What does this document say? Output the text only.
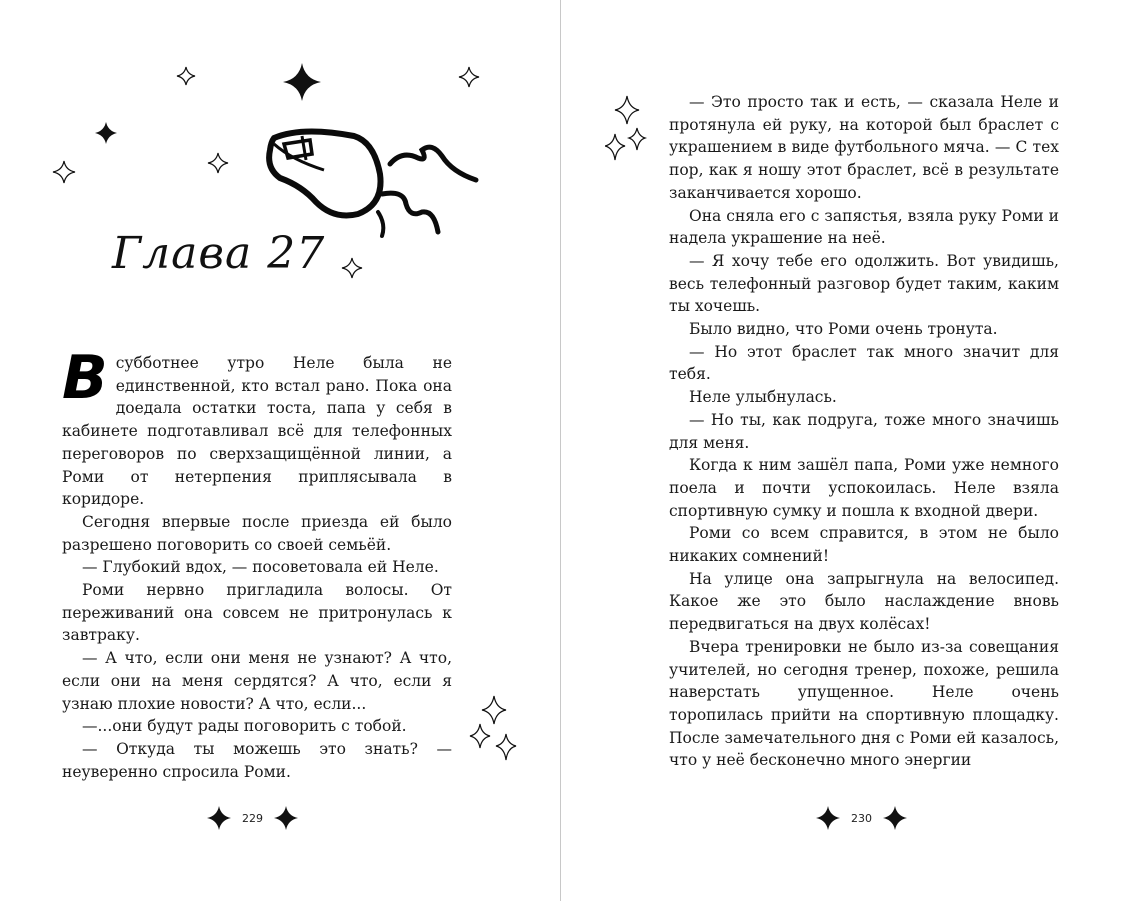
Глава 27

Всубботнее утро Неле была не единственной, кто встал рано. Пока она доедала остатки тоста, папа у себя в кабинете подготавливал всё для телефонных переговоров по сверхзащищённой линии, а Роми от нетерпения приплясывала в коридоре.

Сегодня впервые после приезда ей было разрешено поговорить со своей семьёй.

— Глубокий вдох, — посоветовала ей Неле.

Роми нервно пригладила волосы. От переживаний она совсем не притронулась к завтраку.

— А что, если они меня не узнают? А что, если они на меня сердятся? А что, если я узнаю плохие новости? А что, если...

—...они будут рады поговорить с тобой.

— Откуда ты можешь это знать? — неуверенно спросила Роми.

229

— Это просто так и есть, — сказала Неле и протянула ей руку, на которой был браслет с украшением в виде футбольного мяча. — С тех пор, как я ношу этот браслет, всё в результате заканчивается хорошо.

Она сняла его с запястья, взяла руку Роми и надела украшение на неё.

— Я хочу тебе его одолжить. Вот увидишь, весь телефонный разговор будет таким, каким ты хочешь.

Было видно, что Роми очень тронута.

— Но этот браслет так много значит для тебя.

Неле улыбнулась.

— Но ты, как подруга, тоже много значишь для меня.

Когда к ним зашёл папа, Роми уже немного поела и почти успокоилась. Неле взяла спортивную сумку и пошла к входной двери.

Роми со всем справится, в этом не было никаких сомнений!

На улице она запрыгнула на велосипед. Какое же это было наслаждение вновь передвигаться на двух колёсах!

Вчера тренировки не было из-за совещания учителей, но сегодня тренер, похоже, решила наверстать упущенное. Неле очень торопилась прийти на спортивную площадку. После замечательного дня с Роми ей казалось, что у неё бесконечно много энергии

230
